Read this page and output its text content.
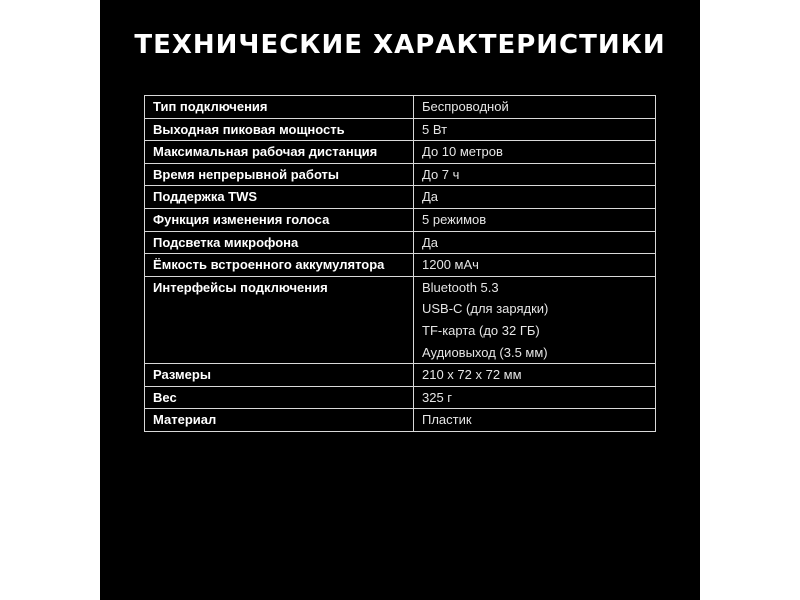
ТЕХНИЧЕСКИЕ ХАРАКТЕРИСТИКИ
Тип подключения	Беспроводной

Выходная пиковая мощность	5 Вт

Максимальная рабочая дистанция	До 10 метров

Время непрерывной работы	До 7 ч

Поддержка TWS	Да

Функция изменения голоса	5 режимов

Подсветка микрофона	Да

Ёмкость встроенного аккумулятора	1200 мАч

Интерфейсы подключения	Bluetooth 5.3
USB-C (для зарядки)
TF-карта (до 32 ГБ)
Аудиовыход (3.5 мм)

Размеры	210 х 72 х 72 мм

Вес	325 г

Материал	Пластик
